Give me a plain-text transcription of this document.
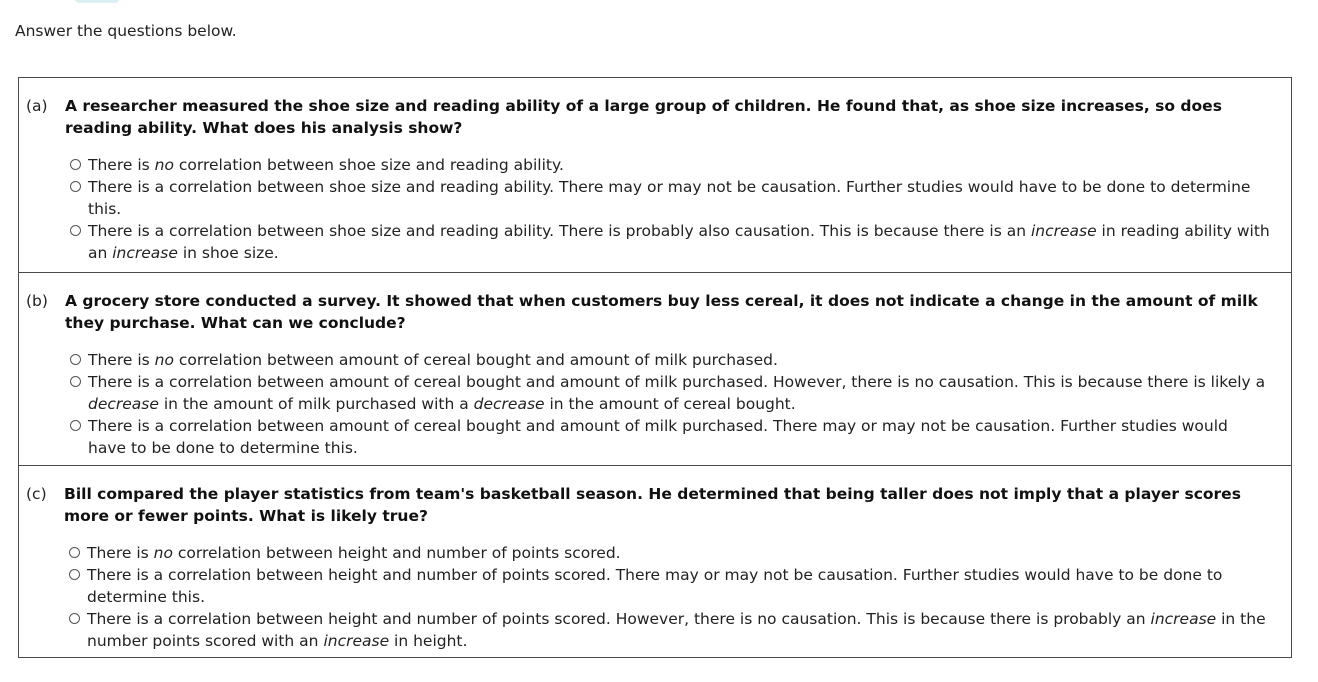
Answer the questions below.
(a) A researcher measured the shoe size and reading ability of a large group of children. He found that, as shoe size increases, so does reading ability. What does his analysis show?
There is no correlation between shoe size and reading ability.
There is a correlation between shoe size and reading ability. There may or may not be causation. Further studies would have to be done to determine this.
There is a correlation between shoe size and reading ability. There is probably also causation. This is because there is an increase in reading ability with an increase in shoe size.
(b) A grocery store conducted a survey. It showed that when customers buy less cereal, it does not indicate a change in the amount of milk they purchase. What can we conclude?
There is no correlation between amount of cereal bought and amount of milk purchased.
There is a correlation between amount of cereal bought and amount of milk purchased. However, there is no causation. This is because there is likely a decrease in the amount of milk purchased with a decrease in the amount of cereal bought.
There is a correlation between amount of cereal bought and amount of milk purchased. There may or may not be causation. Further studies would have to be done to determine this.
(c) Bill compared the player statistics from team's basketball season. He determined that being taller does not imply that a player scores more or fewer points. What is likely true?
There is no correlation between height and number of points scored.
There is a correlation between height and number of points scored. There may or may not be causation. Further studies would have to be done to determine this.
There is a correlation between height and number of points scored. However, there is no causation. This is because there is probably an increase in the number points scored with an increase in height.
